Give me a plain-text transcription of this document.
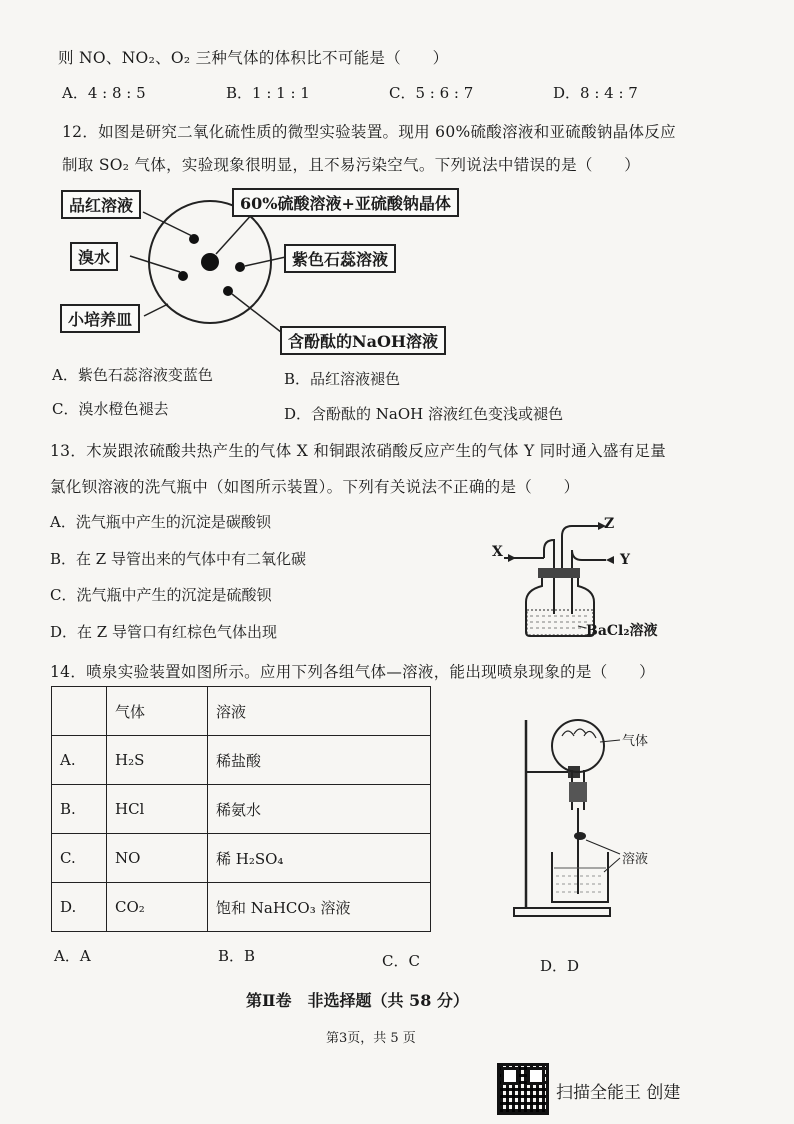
则 NO、NO₂、O₂ 三种气体的体积比不可能是（　　）
A．4 : 8 : 5	B．1 : 1 : 1	C．5 : 6 : 7	D．8 : 4 : 7
12．如图是研究二氧化硫性质的微型实验装置。现用 60%硫酸溶液和亚硫酸钠晶体反应
制取 SO₂ 气体，实验现象很明显，且不易污染空气。下列说法中错误的是（　　）
品红溶液	60%硫酸溶液+亚硫酸钠晶体
溴水	紫色石蕊溶液
小培养皿
含酚酞的NaOH溶液
A．紫色石蕊溶液变蓝色	B．品红溶液褪色
C．溴水橙色褪去	D．含酚酞的 NaOH 溶液红色变浅或褪色
13．木炭跟浓硫酸共热产生的气体 X 和铜跟浓硝酸反应产生的气体 Y 同时通入盛有足量
氯化钡溶液的洗气瓶中（如图所示装置）。下列有关说法不正确的是（　　）
A．洗气瓶中产生的沉淀是碳酸钡
B．在 Z 导管出来的气体中有二氧化碳
C．洗气瓶中产生的沉淀是硫酸钡
D．在 Z 导管口有红棕色气体出现
Z
X	Y
BaCl₂溶液
14．喷泉实验装置如图所示。应用下列各组气体—溶液，能出现喷泉现象的是（　　）
	气体	溶液
A.	H₂S	稀盐酸
B.	HCl	稀氨水
C.	NO	稀 H₂SO₄
D.	CO₂	饱和 NaHCO₃ 溶液
气体
溶液
A．A	B．B	C．C	D．D
第Ⅱ卷　非选择题（共 58 分）
第3页，共 5 页
扫描全能王 创建
